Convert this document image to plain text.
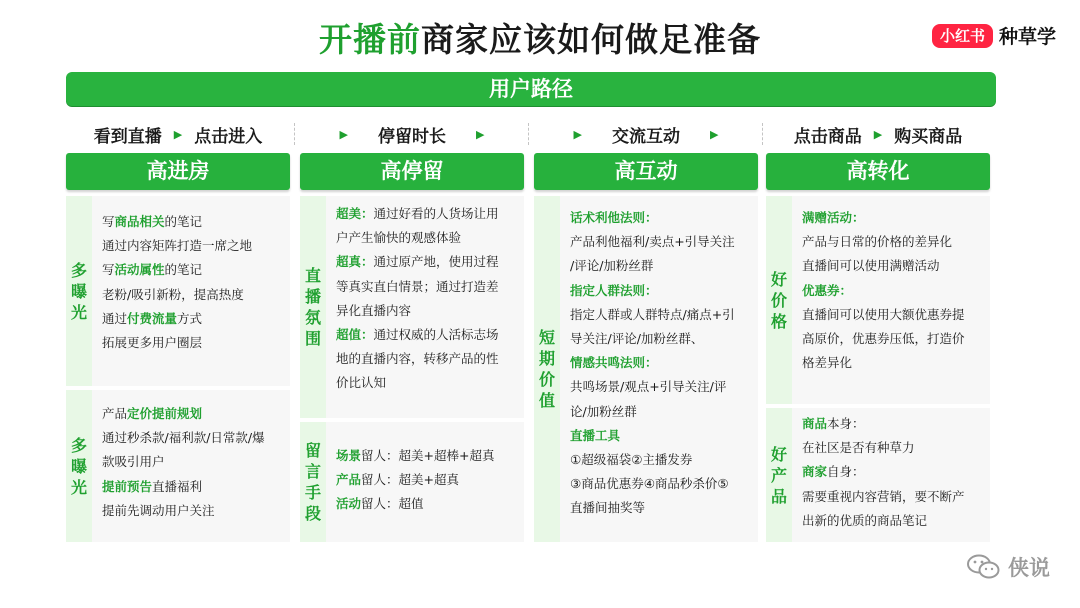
开播前商家应该如何做足准备	小红书 种草学
用户路径
看到直播 ▶ 点击进入	▶ 停留时长	▶	▶ 交流互动	▶	点击商品 ▶ 购买商品
高进房	高停留	高互动	高转化
多
曝
光
写商品相关的笔记
通过内容矩阵打造一席之地
写活动属性的笔记
老粉/吸引新粉，提高热度
通过付费流量方式
拓展更多用户圈层
多
曝
光
产品定价提前规划
通过秒杀款/福利款/日常款/爆
款吸引用户
提前预告直播福利
提前先调动用户关注
直
播
氛
围
超美：通过好看的人货场让用
户产生愉快的观感体验
超真：通过原产地，使用过程
等真实直白情景；通过打造差
异化直播内容
超值：通过权威的人活标志场
地的直播内容，转移产品的性
价比认知
留
言
手
段
场景留人：超美+超棒+超真
产品留人：超美+超真
活动留人：超值
短
期
价
值
话术利他法则：
产品利他福利/卖点+引导关注
/评论/加粉丝群
指定人群法则：
指定人群或人群特点/痛点+引
导关注/评论/加粉丝群、
情感共鸣法则：
共鸣场景/观点+引导关注/评
论/加粉丝群
直播工具
①超级福袋②主播发券
③商品优惠券④商品秒杀价⑤
直播间抽奖等
好
价
格
满赠活动：
产品与日常的价格的差异化
直播间可以使用满赠活动
优惠券：
直播间可以使用大额优惠券提
高原价，优惠券压低，打造价
格差异化
好
产
品
商品本身：
在社区是否有种草力
商家自身：
需要重视内容营销，要不断产
出新的优质的商品笔记
侠说
